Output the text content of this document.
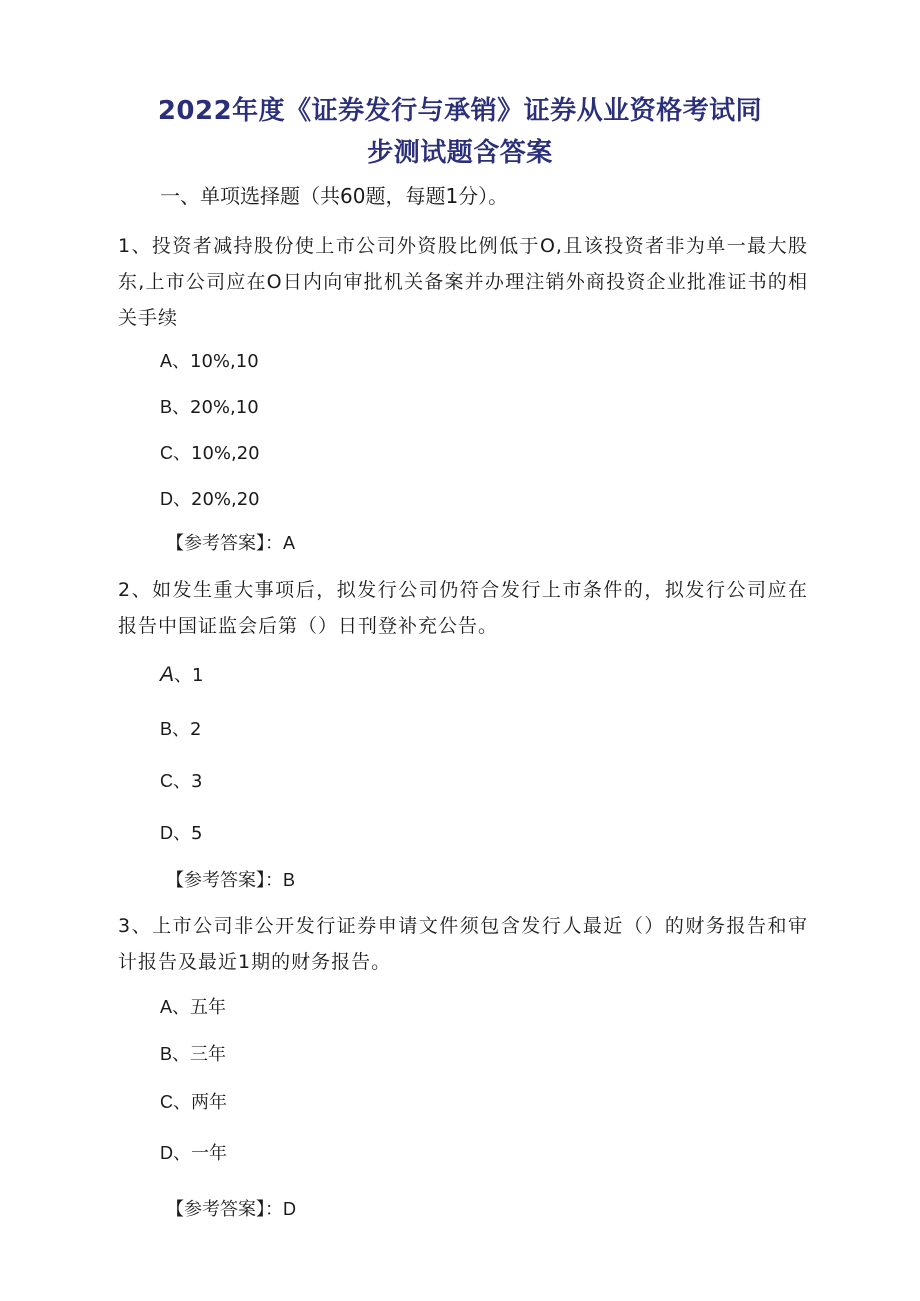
2022年度《证券发行与承销》证券从业资格考试同
步测试题含答案
一、单项选择题（共60题，每题1分）。
1、投资者减持股份使上市公司外资股比例低于O,且该投资者非为单一最大股东,上市公司应在O日内向审批机关备案并办理注销外商投资企业批准证书的相关手续
A、10%,10
B、20%,10
C、10%,20
D、20%,20
【参考答案】：A
2、如发生重大事项后，拟发行公司仍符合发行上市条件的，拟发行公司应在报告中国证监会后第（）日刊登补充公告。
A、1
B、2
C、3
D、5
【参考答案】：B
3、上市公司非公开发行证券申请文件须包含发行人最近（）的财务报告和审计报告及最近1期的财务报告。
A、五年
B、三年
C、两年
D、一年
【参考答案】：D
